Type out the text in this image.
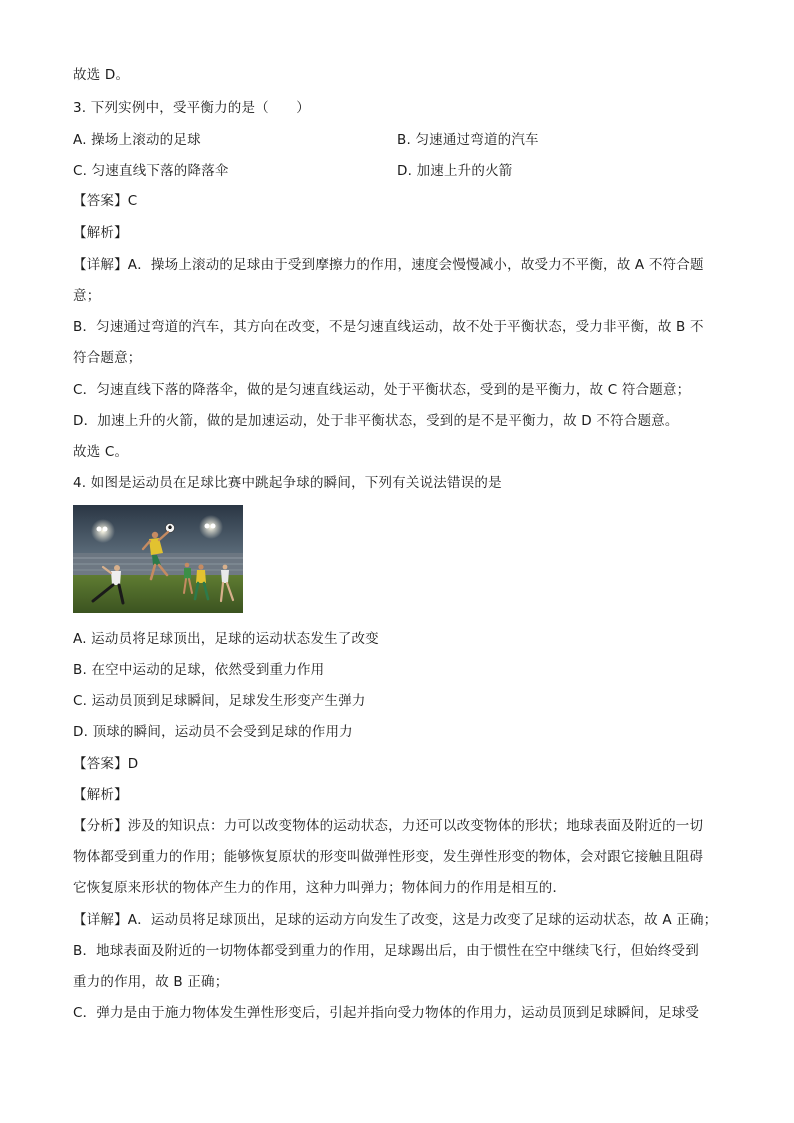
故选 D。
3. 下列实例中，受平衡力的是（　　）
A. 操场上滚动的足球	B. 匀速通过弯道的汽车
C. 匀速直线下落的降落伞	D. 加速上升的火箭
【答案】C
【解析】
【详解】A．操场上滚动的足球由于受到摩擦力的作用，速度会慢慢减小，故受力不平衡，故 A 不符合题
意；
B．匀速通过弯道的汽车，其方向在改变，不是匀速直线运动，故不处于平衡状态，受力非平衡，故 B 不
符合题意；
C．匀速直线下落的降落伞，做的是匀速直线运动，处于平衡状态，受到的是平衡力，故 C 符合题意；
D．加速上升的火箭，做的是加速运动，处于非平衡状态，受到的是不是平衡力，故 D 不符合题意。
故选 C。
4. 如图是运动员在足球比赛中跳起争球的瞬间，下列有关说法错误的是
A. 运动员将足球顶出，足球的运动状态发生了改变
B. 在空中运动的足球，依然受到重力作用
C. 运动员顶到足球瞬间，足球发生形变产生弹力
D. 顶球的瞬间，运动员不会受到足球的作用力
【答案】D
【解析】
【分析】涉及的知识点：力可以改变物体的运动状态，力还可以改变物体的形状；地球表面及附近的一切
物体都受到重力的作用；能够恢复原状的形变叫做弹性形变，发生弹性形变的物体，会对跟它接触且阻碍
它恢复原来形状的物体产生力的作用，这种力叫弹力；物体间力的作用是相互的．
【详解】A．运动员将足球顶出，足球的运动方向发生了改变，这是力改变了足球的运动状态，故 A 正确；
B．地球表面及附近的一切物体都受到重力的作用，足球踢出后，由于惯性在空中继续飞行，但始终受到
重力的作用，故 B 正确；
C．弹力是由于施力物体发生弹性形变后，引起并指向受力物体的作用力，运动员顶到足球瞬间，足球受
